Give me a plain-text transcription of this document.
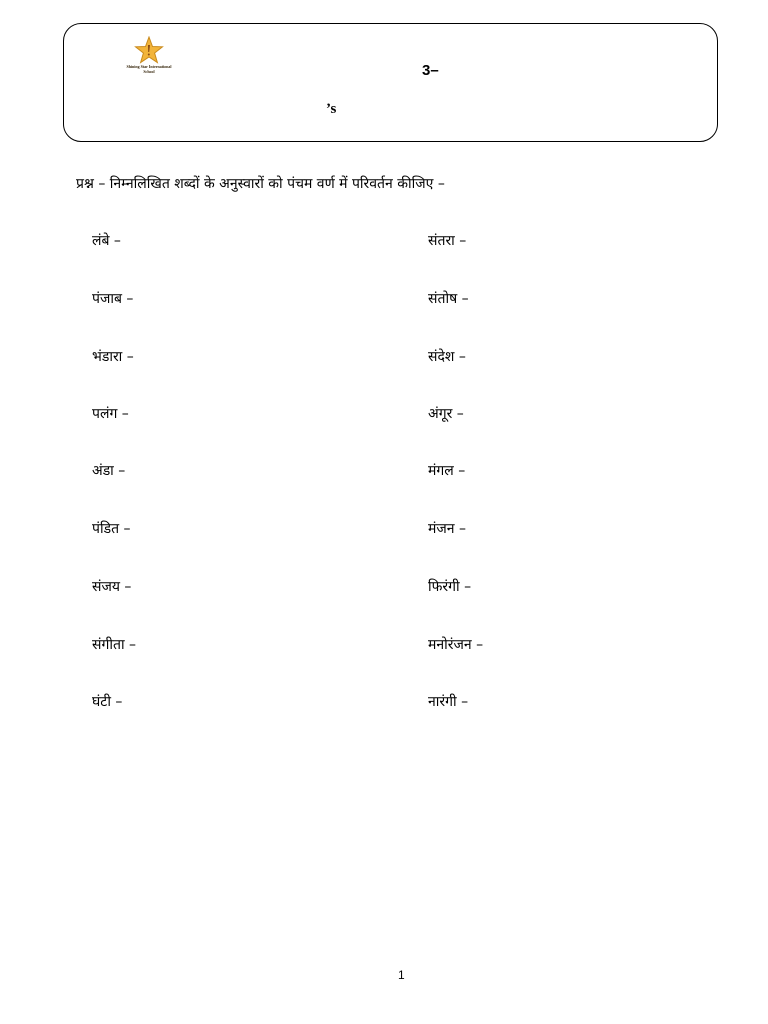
Shining Star International School	3–
’s
प्रश्न – निम्नलिखित शब्दों के अनुस्वारों को पंचम वर्ण में परिवर्तन कीजिए –
लंबे –
पंजाब –
भंडारा –
पलंग –
अंडा –
पंडित –
संजय –
संगीता –
घंटी –
संतरा –
संतोष –
संदेश –
अंगूर –
मंगल –
मंजन –
फिरंगी –
मनोरंजन –
नारंगी –
1
